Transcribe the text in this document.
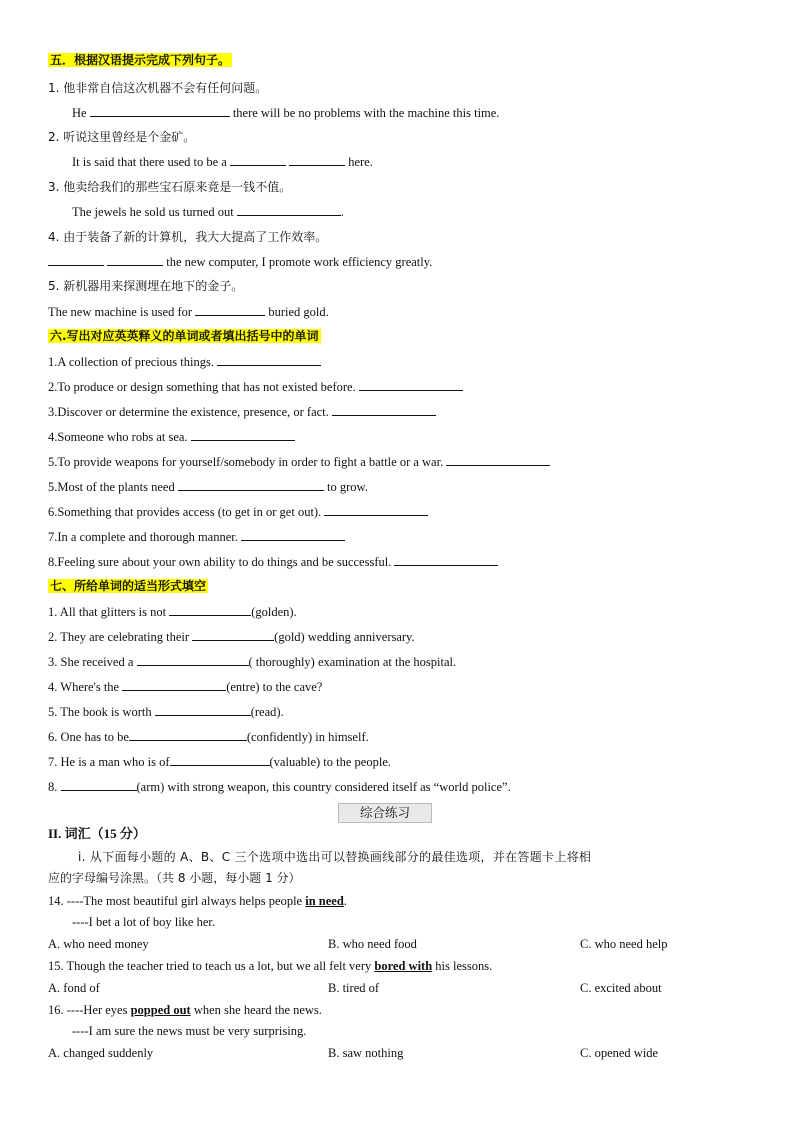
五．根据汉语提示完成下列句子。
1. 他非常自信这次机器不会有任何问题。
He	there will be no problems with the machine this time.
2. 听说这里曾经是个金矿。
It is said that there used to be a	here.
3. 他卖给我们的那些宝石原来竟是一钱不值。
The jewels he sold us turned out	.
4. 由于装备了新的计算机，我大大提高了工作效率。
the new computer, I promote work efficiency greatly.
5. 新机器用来探测埋在地下的金子。
The new machine is used for	buried gold.
六.写出对应英英释义的单词或者填出括号中的单词
1.A collection of precious things.
2.To produce or design something that has not existed before.
3.Discover or determine the existence, presence, or fact.
4.Someone who robs at sea.
5.To provide weapons for yourself/somebody in order to fight a battle or a war.
5.Most of the plants need	to grow.
6.Something that provides access (to get in or get out).
7.In a complete and thorough manner.
8.Feeling sure about your own ability to do things and be successful.
七、所给单词的适当形式填空
1. All that glitters is not	(golden).
2. They are celebrating their	(gold) wedding anniversary.
3. She received a	( thoroughly) examination at the hospital.
4. Where's the	(entre) to the cave?
5. The book is worth	(read).
6. One has to be	(confidently) in himself.
7. He is a man who is of	(valuable) to the people.
8.	(arm) with strong weapon, this country considered itself as “world police”.
综合练习
II. 词汇（15 分）
i. 从下面每小题的 A、B、C 三个选项中选出可以替换画线部分的最佳选项，并在答题卡上将相
应的字母编号涂黑。（共 8 小题，每小题 1 分）
14. ----The most beautiful girl always helps people in need.
----I bet a lot of boy like her.
A. who need money	B. who need food	C. who need help
15. Though the teacher tried to teach us a lot, but we all felt very bored with his lessons.
A. fond of	B. tired of	C. excited about
16. ----Her eyes popped out when she heard the news.
----I am sure the news must be very surprising.
A. changed suddenly	B. saw nothing	C. opened wide
